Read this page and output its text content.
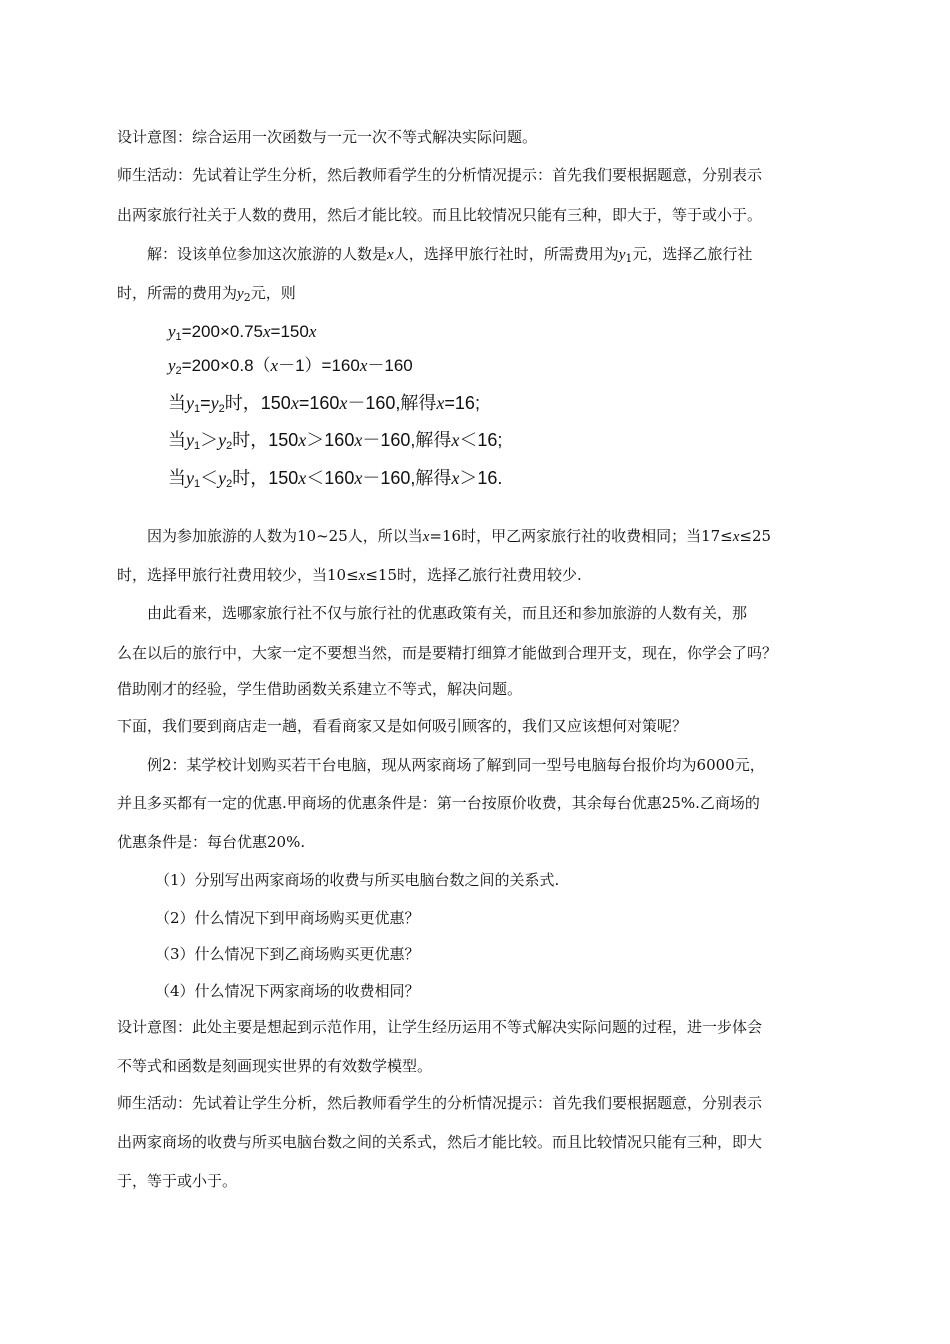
设计意图：综合运用一次函数与一元一次不等式解决实际问题。
师生活动：先试着让学生分析，然后教师看学生的分析情况提示：首先我们要根据题意，分别表示
出两家旅行社关于人数的费用，然后才能比较。而且比较情况只能有三种，即大于，等于或小于。
解：设该单位参加这次旅游的人数是x人，选择甲旅行社时，所需费用为$y_1$元，选择乙旅行社
时，所需的费用为$y_2$元，则
$y_1=200\times 0.75x=150x$
$y_2=200\times 0.8(x-1)=160x-160$
当$y_1=y_2$时，150x=160x－160,解得x=16;
当$y_1>y_2$时，150x＞160x－160,解得x＜16;
当$y_1<y_2$时，150x＜160x－160,解得x＞16.
因为参加旅游的人数为10~25人，所以当x=16时，甲乙两家旅行社的收费相同；当17≤x≤25
时，选择甲旅行社费用较少，当10≤x≤15时，选择乙旅行社费用较少.
由此看来，选哪家旅行社不仅与旅行社的优惠政策有关，而且还和参加旅游的人数有关，那
么在以后的旅行中，大家一定不要想当然，而是要精打细算才能做到合理开支，现在，你学会了吗？
借助刚才的经验，学生借助函数关系建立不等式，解决问题。
下面，我们要到商店走一趟，看看商家又是如何吸引顾客的，我们又应该想何对策呢？
例2：某学校计划购买若干台电脑，现从两家商场了解到同一型号电脑每台报价均为6000元，
并且多买都有一定的优惠.甲商场的优惠条件是：第一台按原价收费，其余每台优惠25%.乙商场的
优惠条件是：每台优惠20%.
（1）分别写出两家商场的收费与所买电脑台数之间的关系式.
（2）什么情况下到甲商场购买更优惠？
（3）什么情况下到乙商场购买更优惠？
（4）什么情况下两家商场的收费相同？
设计意图：此处主要是想起到示范作用，让学生经历运用不等式解决实际问题的过程，进一步体会
不等式和函数是刻画现实世界的有效数学模型。
师生活动：先试着让学生分析，然后教师看学生的分析情况提示：首先我们要根据题意，分别表示
出两家商场的收费与所买电脑台数之间的关系式，然后才能比较。而且比较情况只能有三种，即大
于，等于或小于。
